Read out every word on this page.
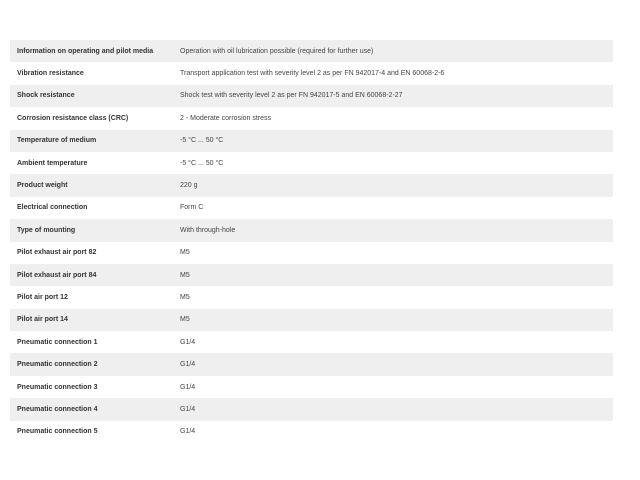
Information on operating and pilot media	Operation with oil lubrication possible (required for further use)
Vibration resistance	Transport application test with severity level 2 as per FN 942017-4 and EN 60068-2-6
Shock resistance	Shock test with severity level 2 as per FN 942017-5 and EN 60068-2-27
Corrosion resistance class (CRC)	2 - Moderate corrosion stress
Temperature of medium	-5 °C ... 50 °C
Ambient temperature	-5 °C ... 50 °C
Product weight	220 g
Electrical connection	Form C
Type of mounting	With through-hole
Pilot exhaust air port 82	M5
Pilot exhaust air port 84	M5
Pilot air port 12	M5
Pilot air port 14	M5
Pneumatic connection 1	G1/4
Pneumatic connection 2	G1/4
Pneumatic connection 3	G1/4
Pneumatic connection 4	G1/4
Pneumatic connection 5	G1/4
